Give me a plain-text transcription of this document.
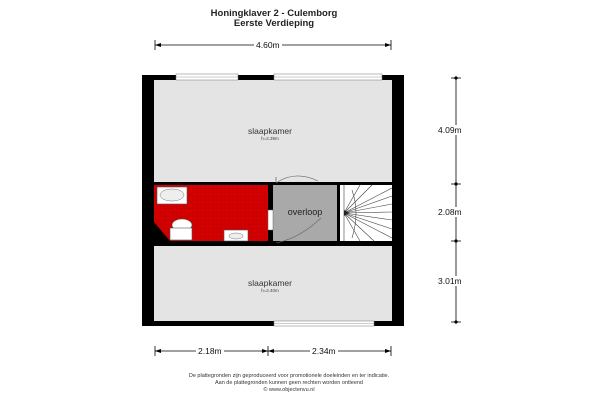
Honingklaver 2 - Culemborg
Eerste Verdieping
4.60m
4.09m
2.08m
3.01m
2.18m	2.34m
slaapkamer
h=2.39m
overloop
slaapkamer
h=2.40m
De plattegronden zijn geproduceerd voor promotionele doeleinden en ter indicatie.
Aan de plattegronden kunnen geen rechten worden ontleend
© www.objectenvu.nl
